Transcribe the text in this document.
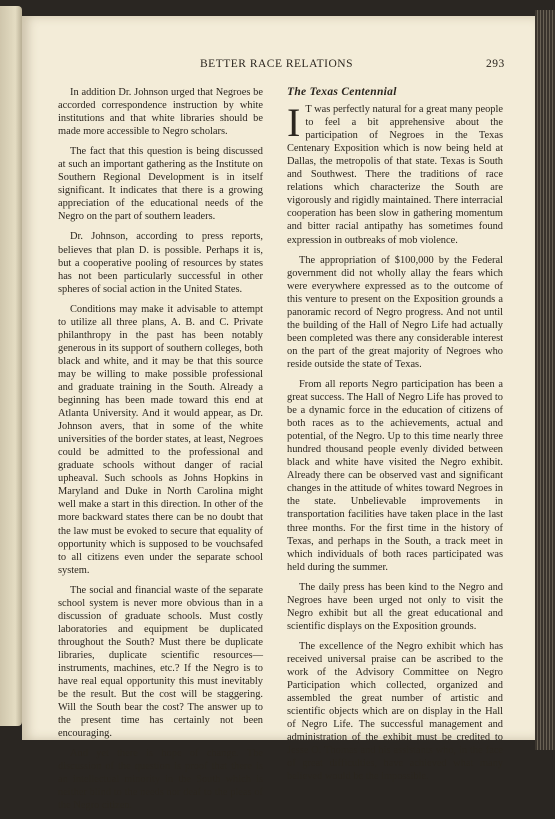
BETTER RACE RELATIONS	293

In addition Dr. Johnson urged that Negroes be accorded correspondence instruction by white institutions and that white libraries should be made more accessible to Negro scholars.

The fact that this question is being discussed at such an important gathering as the Institute on Southern Regional Development is in itself significant. It indicates that there is a growing appreciation of the educational needs of the Negro on the part of southern leaders.

Dr. Johnson, according to press reports, believes that plan D. is possible. Perhaps it is, but a cooperative pooling of resources by states has not been particularly successful in other spheres of social action in the United States.

Conditions may make it advisable to attempt to utilize all three plans, A. B. and C. Private philanthropy in the past has been notably generous in its support of southern colleges, both black and white, and it may be that this source may be willing to make possible professional and graduate training in the South. Already a beginning has been made toward this end at Atlanta University. And it would appear, as Dr. Johnson avers, that in some of the white universities of the border states, at least, Negroes could be admitted to the professional and graduate schools without danger of racial upheaval. Such schools as Johns Hopkins in Maryland and Duke in North Carolina might well make a start in this direction. In other of the more backward states there can be no doubt that the law must be evoked to secure that equality of opportunity which is supposed to be vouchsafed to all citizens even under the separate school system.

The social and financial waste of the separate school system is never more obvious than in a discussion of graduate schools. Must costly laboratories and equipment be duplicated throughout the South? Must there be duplicate libraries, duplicate scientific resources—instruments, machines, etc.? If the Negro is to have real equal opportunity this must inevitably be the result. But the cost will be staggering. Will the South bear the cost? The answer up to the present time has certainly not been encouraging.

And yet there is hope of change. The discussion of the question is proof that there is an intellectual minority in the South which is neither blind to the needs nor deaf to the pleas of the Negro citizen.

The Texas Centennial

I T was perfectly natural for a great many people to feel a bit apprehensive about the participation of Negroes in the Texas Centenary Exposition which is now being held at Dallas, the metropolis of that state. Texas is South and Southwest. There the traditions of race relations which characterize the South are vigorously and rigidly maintained. There interracial cooperation has been slow in gathering momentum and bitter racial antipathy has sometimes found expression in outbreaks of mob violence.

The appropriation of $100,000 by the Federal government did not wholly allay the fears which were everywhere expressed as to the outcome of this venture to present on the Exposition grounds a panoramic record of Negro progress. And not until the building of the Hall of Negro Life had actually been completed was there any considerable interest on the part of the great majority of Negroes who reside outside the state of Texas.

From all reports Negro participation has been a great success. The Hall of Negro Life has proved to be a dynamic force in the education of citizens of both races as to the achievements, actual and potential, of the Negro. Up to this time nearly three hundred thousand people evenly divided between black and white have visited the Negro exhibit. Already there can be observed vast and significant changes in the attitude of whites toward Negroes in the state. Unbelievable improvements in transportation facilities have taken place in the last three months. For the first time in the history of Texas, and perhaps in the South, a track meet in which individuals of both races participated was held during the summer.

The daily press has been kind to the Negro and Negroes have been urged not only to visit the Negro exhibit but all the great educational and scientific displays on the Exposition grounds.

The excellence of the Negro exhibit which has received universal praise can be ascribed to the work of the Advisory Committee on Negro Participation which collected, organized and assembled the great number of artistic and scientific objects which are on display in the Hall of Negro Life. The successful management and administration of the exhibit must be credited to Jesse O. Thomas and his assistants who, in the face of great difficulties, have achieved what many believed would be the impossible.
